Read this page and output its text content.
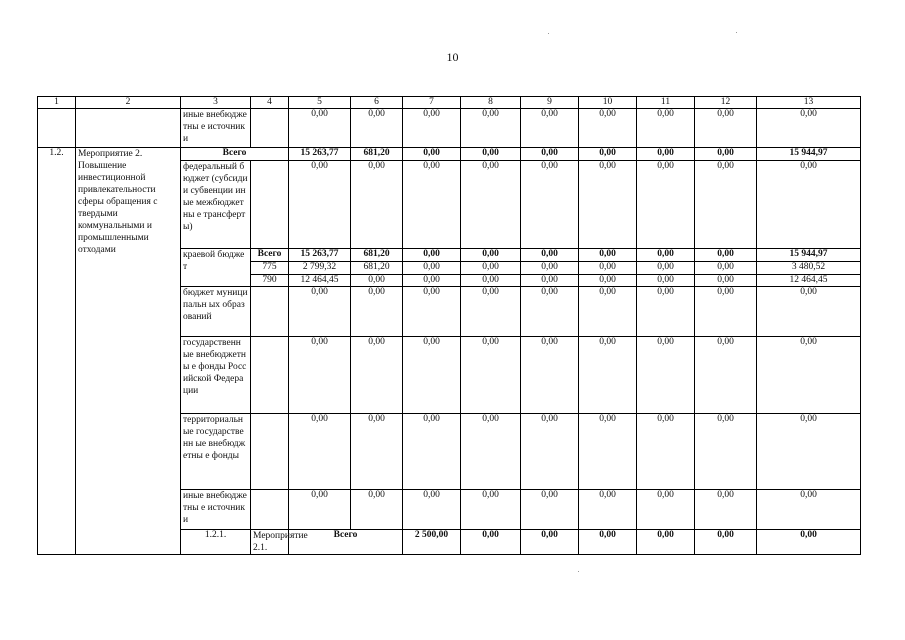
10
1	2	3	4	5	6	7	8	9	10	11	12	13	
		иные внебюджетны е источники		0,00	0,00	0,00	0,00	0,00	0,00	0,00	0,00	0,00	
1.2.	Мероприятие 2. Повышение инвестиционной привлекательности сферы обращения с твердыми коммунальными и промышленными отходами	Всего		15 263,77	681,20	0,00	0,00	0,00	0,00	0,00	0,00	15 944,97	
		федеральный бюджет (субсидии субвенции иные межбюджетны е трансферты)		0,00	0,00	0,00	0,00	0,00	0,00	0,00	0,00	0,00	
		краевой бюджет	Всего	15 263,77	681,20	0,00	0,00	0,00	0,00	0,00	0,00	15 944,97	
			775	2 799,32	681,20	0,00	0,00	0,00	0,00	0,00	0,00	3 480,52	
			790	12 464,45	0,00	0,00	0,00	0,00	0,00	0,00	0,00	12 464,45	
		бюджет муниципальн ых образований		0,00	0,00	0,00	0,00	0,00	0,00	0,00	0,00	0,00	
		государственн ые внебюджетны е фонды Российской Федерации		0,00	0,00	0,00	0,00	0,00	0,00	0,00	0,00	0,00	
		территориальн ые государственн ые внебюджетны е фонды		0,00	0,00	0,00	0,00	0,00	0,00	0,00	0,00	0,00	
		иные внебюджетны е источники		0,00	0,00	0,00	0,00	0,00	0,00	0,00	0,00	0,00	
		1.2.1.	Мероприятие 2.1.	Всего		2 500,00	0,00	0,00	0,00	0,00	0,00	0,00		
